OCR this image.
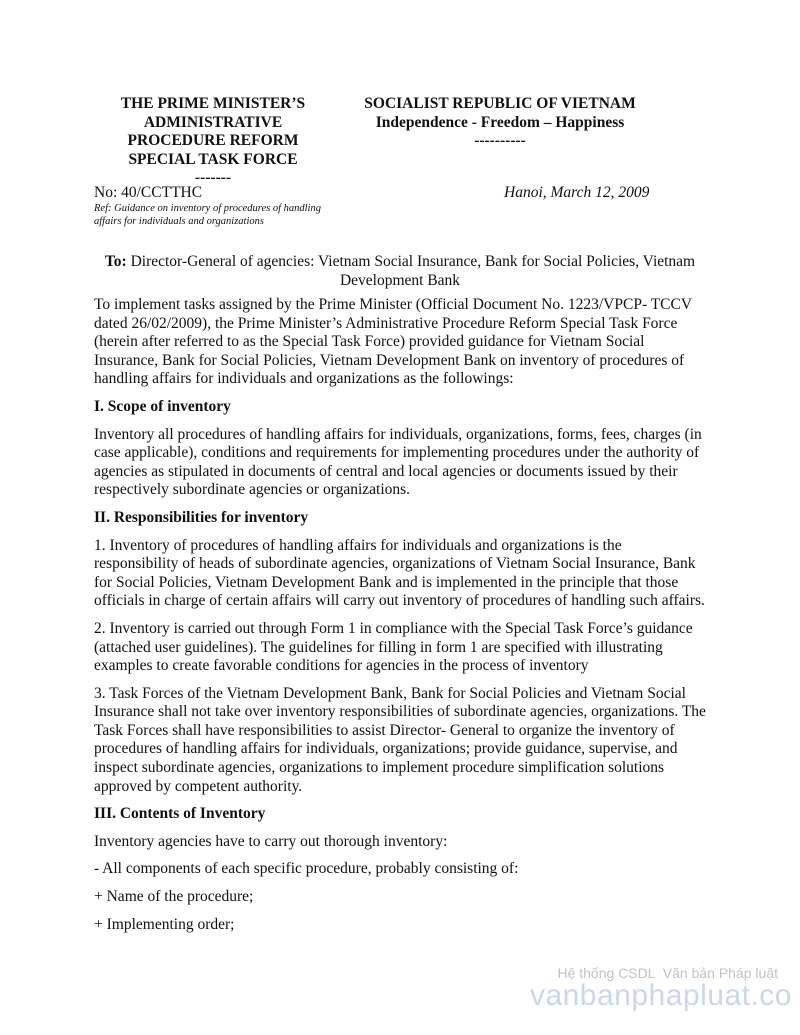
THE PRIME MINISTER’S
ADMINISTRATIVE
PROCEDURE REFORM
SPECIAL TASK FORCE
-------
SOCIALIST REPUBLIC OF VIETNAM
Independence - Freedom – Happiness
----------
No: 40/CCTTHC
Ref: Guidance on inventory of procedures of handling affairs for individuals and organizations
Hanoi, March 12, 2009
To: Director-General of agencies: Vietnam Social Insurance, Bank for Social Policies, Vietnam Development Bank

To implement tasks assigned by the Prime Minister (Official Document No. 1223/VPCP- TCCV dated 26/02/2009), the Prime Minister’s Administrative Procedure Reform Special Task Force (herein after referred to as the Special Task Force) provided guidance for Vietnam Social Insurance, Bank for Social Policies, Vietnam Development Bank on inventory of procedures of handling affairs for individuals and organizations as the followings:

I. Scope of inventory

Inventory all procedures of handling affairs for individuals, organizations, forms, fees, charges (in case applicable), conditions and requirements for implementing procedures under the authority of agencies as stipulated in documents of central and local agencies or documents issued by their respectively subordinate agencies or organizations.

II. Responsibilities for inventory

1. Inventory of procedures of handling affairs for individuals and organizations is the responsibility of heads of subordinate agencies, organizations of Vietnam Social Insurance, Bank for Social Policies, Vietnam Development Bank and is implemented in the principle that those officials in charge of certain affairs will carry out inventory of procedures of handling such affairs.

2. Inventory is carried out through Form 1 in compliance with the Special Task Force’s guidance (attached user guidelines). The guidelines for filling in form 1 are specified with illustrating examples to create favorable conditions for agencies in the process of inventory

3. Task Forces of the Vietnam Development Bank, Bank for Social Policies and Vietnam Social Insurance shall not take over inventory responsibilities of subordinate agencies, organizations. The Task Forces shall have responsibilities to assist Director- General to organize the inventory of procedures of handling affairs for individuals, organizations; provide guidance, supervise, and inspect subordinate agencies, organizations to implement procedure simplification solutions approved by competent authority.

III. Contents of Inventory

Inventory agencies have to carry out thorough inventory:

- All components of each specific procedure, probably consisting of:

+ Name of the procedure;

+ Implementing order;

Hệ thống CSDL  Văn bản Pháp luật
vanbanphapluat.co
